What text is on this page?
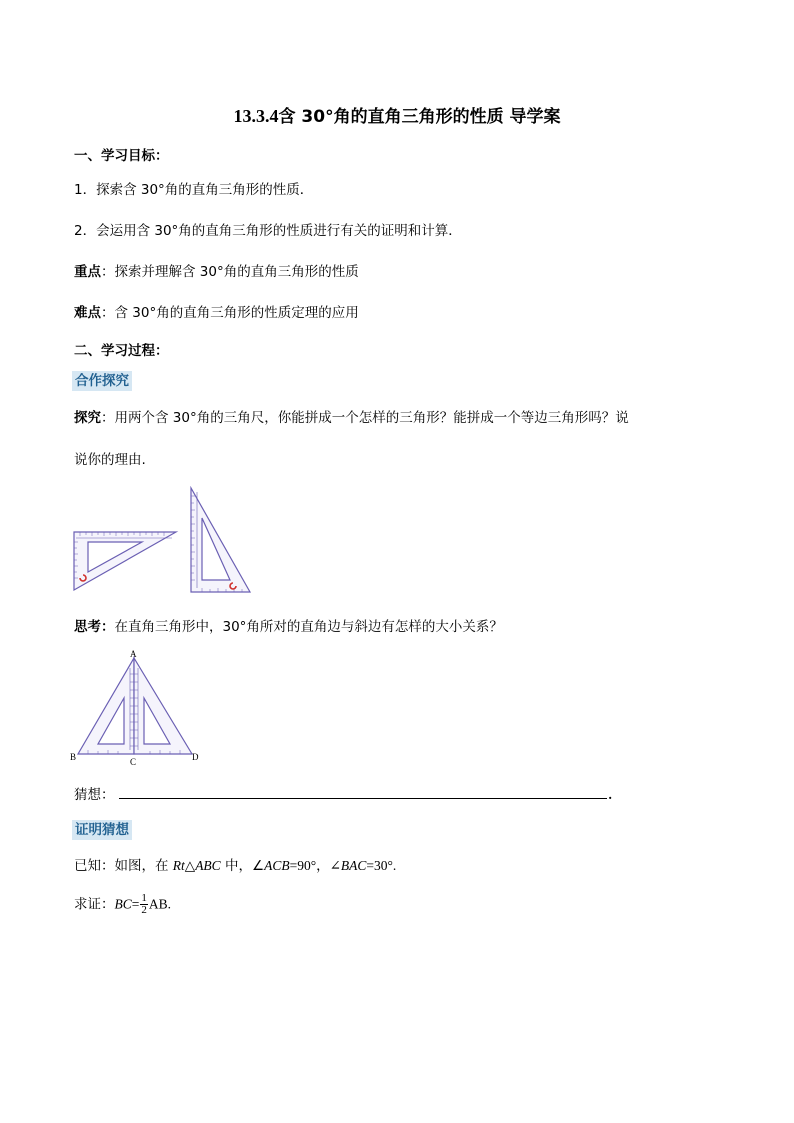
13.3.4含 30°角的直角三角形的性质 导学案
一、学习目标：
1．探索含 30°角的直角三角形的性质．
2．会运用含 30°角的直角三角形的性质进行有关的证明和计算．
重点：探索并理解含 30°角的直角三角形的性质
难点：含 30°角的直角三角形的性质定理的应用
二、学习过程：
合作探究
探究：用两个含 30°角的三角尺，你能拼成一个怎样的三角形？能拼成一个等边三角形吗？说
说你的理由.
思考：在直角三角形中，30°角所对的直角边与斜边有怎样的大小关系？
A
B	C	D
猜想：	.
证明猜想
已知：如图，在 Rt△ABC 中，∠ACB=90°，∠BAC=30°.
求证：$BC= \frac{1}{2}$ AB.
